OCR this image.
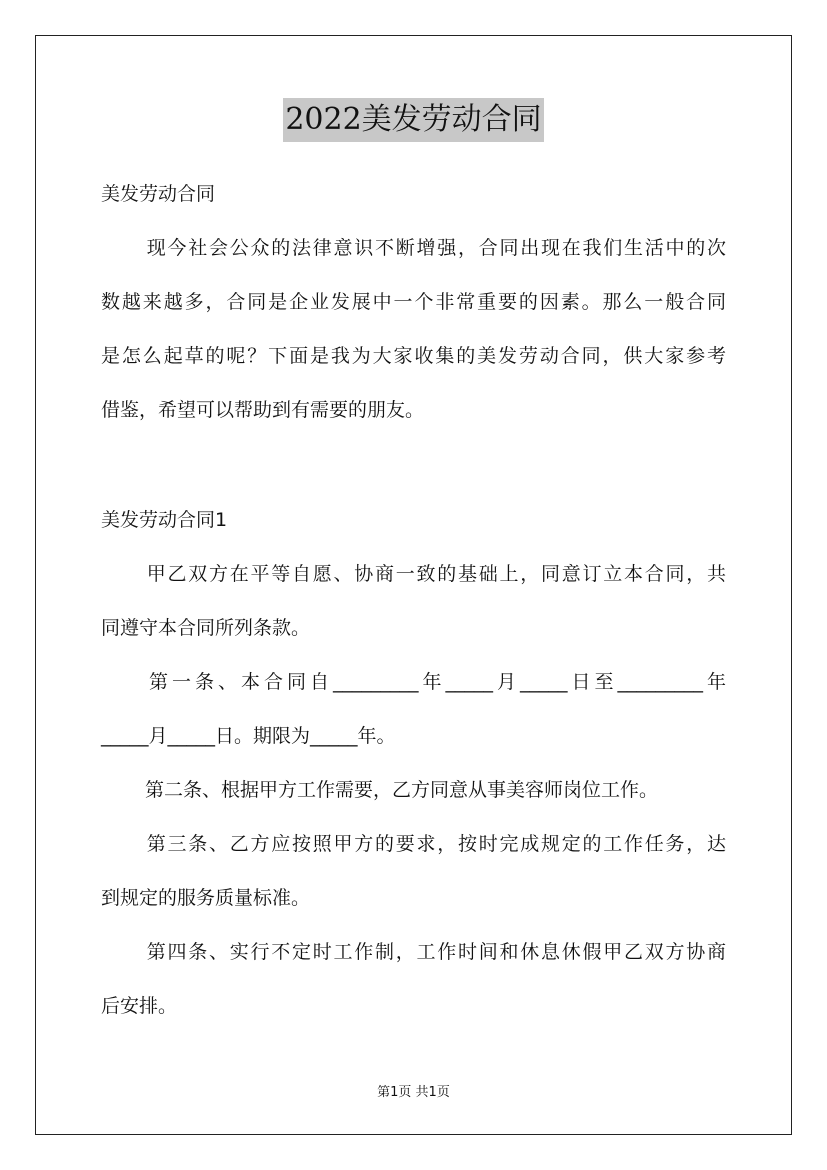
2022美发劳动合同
美发劳动合同
现今社会公众的法律意识不断增强，合同出现在我们生活中的次
数越来越多，合同是企业发展中一个非常重要的因素。那么一般合同
是怎么起草的呢？下面是我为大家收集的美发劳动合同，供大家参考
借鉴，希望可以帮助到有需要的朋友。
美发劳动合同1
甲乙双方在平等自愿、协商一致的基础上，同意订立本合同，共
同遵守本合同所列条款。
第一条、本合同自_________年_____月_____日至_________年
_____月_____日。期限为_____年。
第二条、根据甲方工作需要，乙方同意从事美容师岗位工作。
第三条、乙方应按照甲方的要求，按时完成规定的工作任务，达
到规定的服务质量标准。
第四条、实行不定时工作制，工作时间和休息休假甲乙双方协商
后安排。
第1页 共1页
